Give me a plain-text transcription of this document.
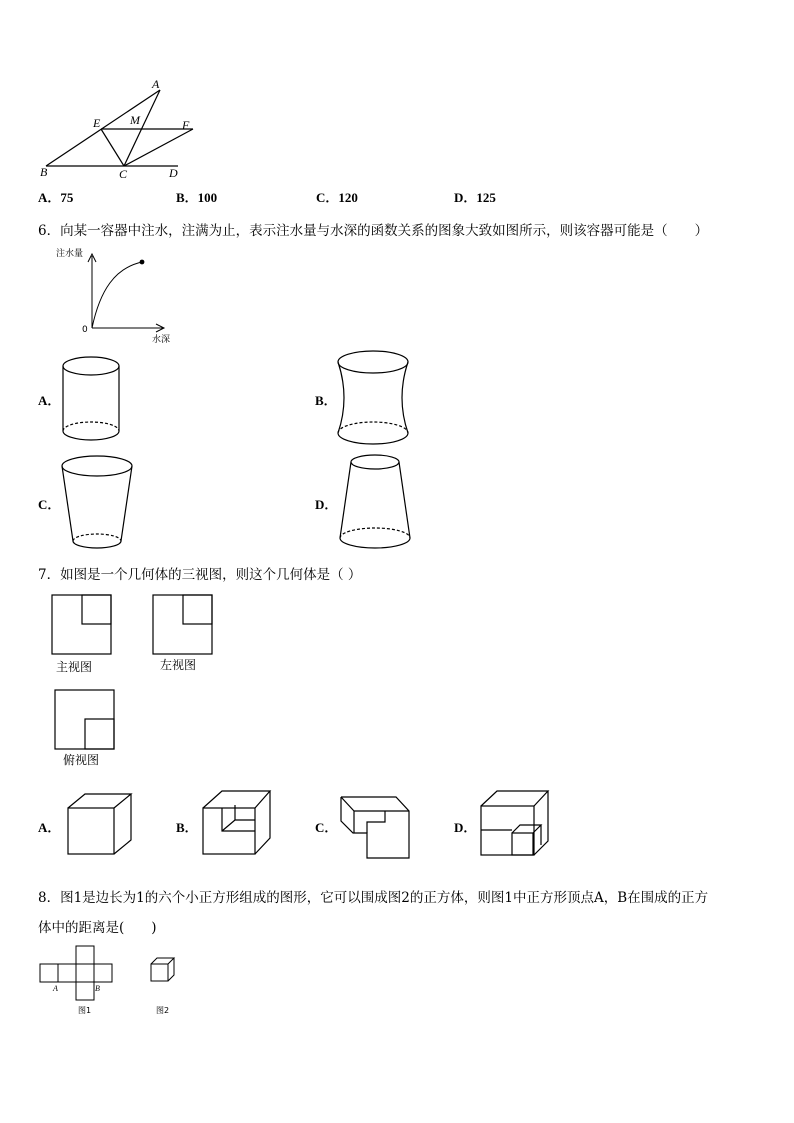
A
E M	F
B	C	D
A．75	B．100	C．120	D．125
6．向某一容器中注水，注满为止，表示注水量与水深的函数关系的图象大致如图所示，则该容器可能是（　　）
注水量
水深
0
A．	B．
C．	D．
7．如图是一个几何体的三视图，则这个几何体是（ ）
主视图	左视图
俯视图
A．	B．	C．	D．
8．图1是边长为1的六个小正方形组成的图形，它可以围成图2的正方体，则图1中正方形顶点A，B在围成的正方
体中的距离是(　　)
A	B
图1	图2
